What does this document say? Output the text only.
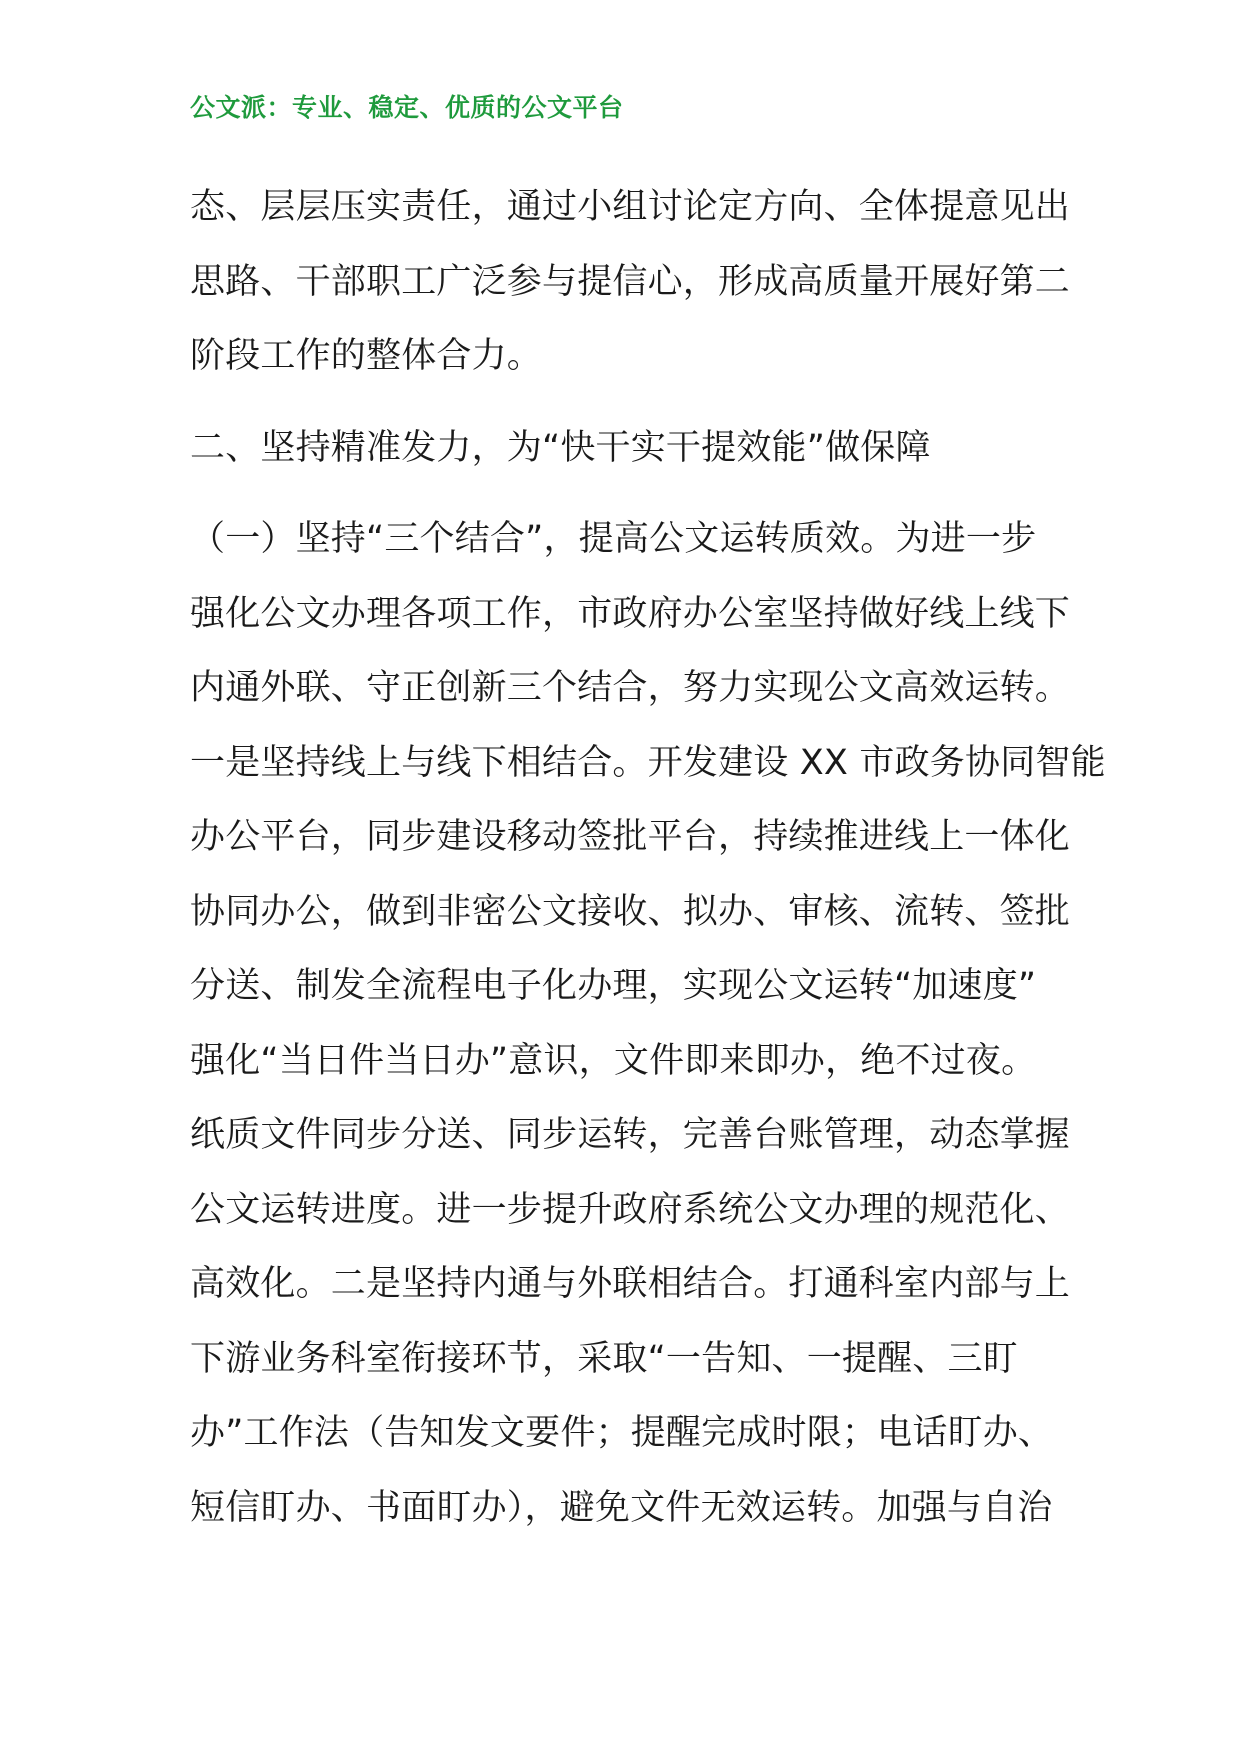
公文派：专业、稳定、优质的公文平台
态、层层压实责任，通过小组讨论定方向、全体提意见出
思路、干部职工广泛参与提信心，形成高质量开展好第二
阶段工作的整体合力。
二、坚持精准发力，为“快干实干提效能”做保障
（一）坚持“三个结合”，提高公文运转质效。为进一步
强化公文办理各项工作，市政府办公室坚持做好线上线下
内通外联、守正创新三个结合，努力实现公文高效运转。
一是坚持线上与线下相结合。开发建设 XX 市政务协同智能
办公平台，同步建设移动签批平台，持续推进线上一体化
协同办公，做到非密公文接收、拟办、审核、流转、签批
分送、制发全流程电子化办理，实现公文运转“加速度”
强化“当日件当日办”意识，文件即来即办，绝不过夜。
纸质文件同步分送、同步运转，完善台账管理，动态掌握
公文运转进度。进一步提升政府系统公文办理的规范化、
高效化。二是坚持内通与外联相结合。打通科室内部与上
下游业务科室衔接环节，采取“一告知、一提醒、三盯
办”工作法（告知发文要件；提醒完成时限；电话盯办、
短信盯办、书面盯办），避免文件无效运转。加强与自治
